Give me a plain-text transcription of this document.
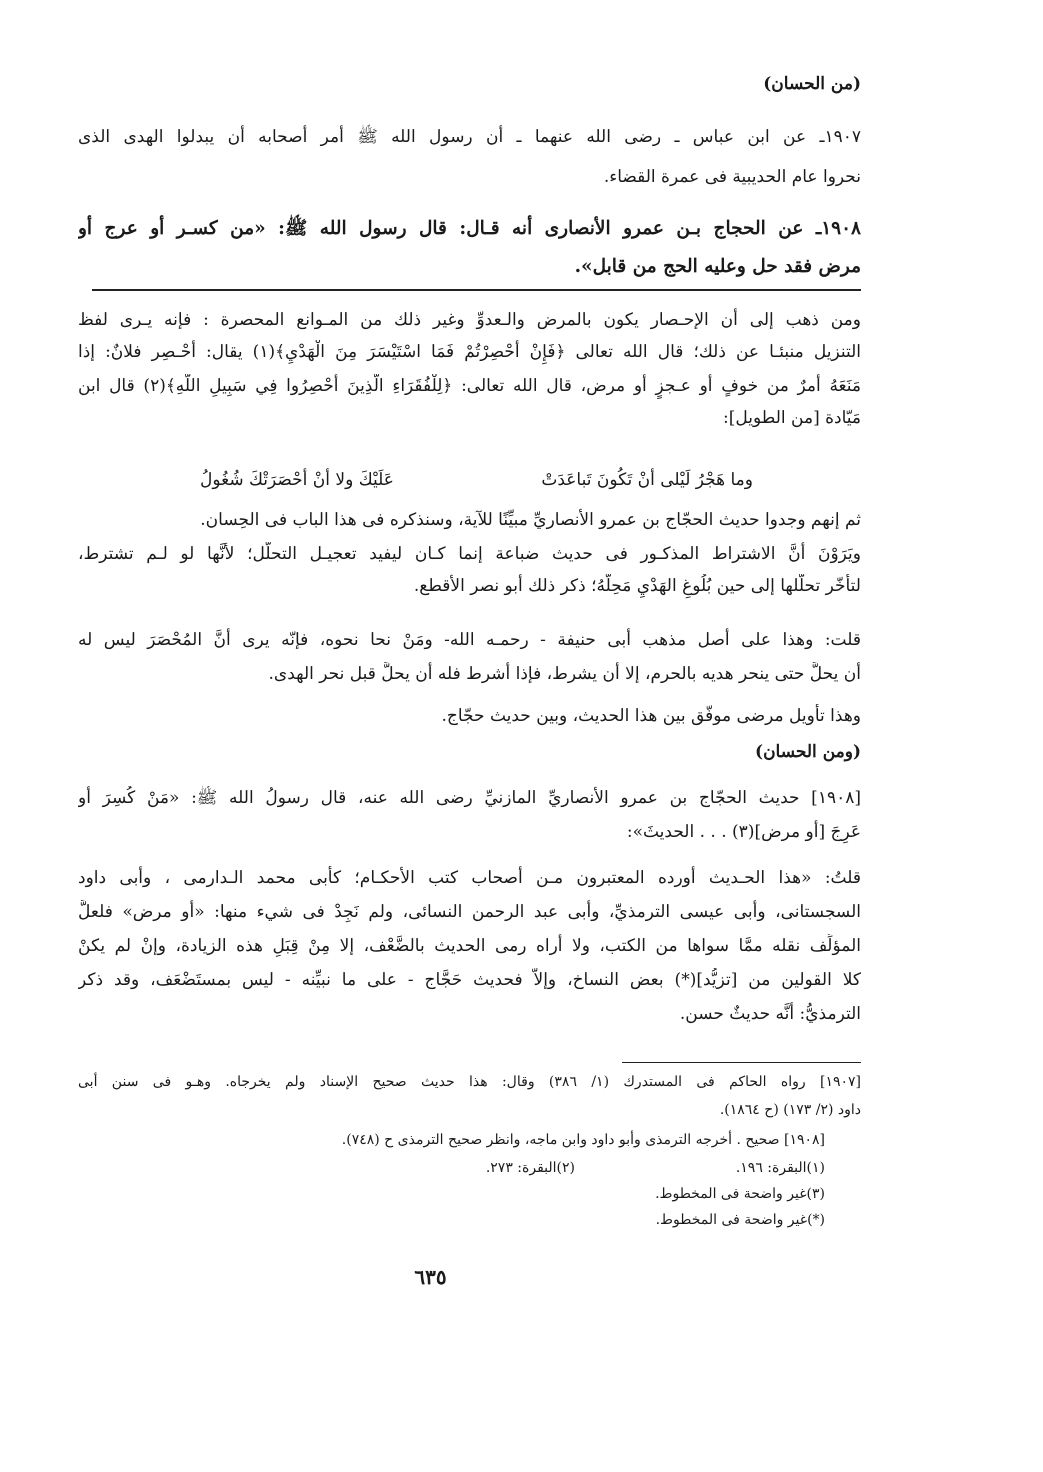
(من الحسان)
١٩٠٧ـ عن ابن عباس ـ رضى الله عنهما ـ أن رسول الله ﷺ أمر أصحابه أن يبدلوا الهدى الذى
نحروا عام الحديبية فى عمرة القضاء.
١٩٠٨ـ عن الحجاج بـن عمرو الأنصارى أنه قـال: قال رسول الله ﷺ: «من كسـر أو عرج أو
مرض فقد حل وعليه الحج من قابل».
ومن ذهب إلى أن الإحـصار يكون بالمرض والـعدوِّ وغير ذلك من المـوانع المحصرة : فإنه يـرى لفظ
التنزيل منبئـا عن ذلك؛ قال الله تعالى ﴿فَإِنْ أُحْصِرْتُمْ فَمَا اسْتَيْسَرَ مِنَ الْهَدْيِ﴾(١) يقال: أُحْـصِر فلانٌ: إذا
مَنَعَهُ أمرٌ من خوفٍ أو عـجزٍ أو مرض، قال الله تعالى: ﴿لِلْفُقَرَاءِ الَّذِينَ أُحْصِرُوا فِي سَبِيلِ اللَّهِ﴾(٢) قال ابن
مَيّادة [من الطويل]:
وما هَجْرُ لَيْلى أنْ تَكُونَ تَباعَدَتْ
عَلَيْكَ ولا أنْ أحْصَرَتْكَ شُغُولُ
ثم إنهم وجدوا حديث الحجّاج بن عمرو الأنصاريِّ مبيِّنًا للآية، وسنذكره فى هذا الباب فى الحِسان.
ويَرَوْنَ أنَّ الاشتراط المذكـور فى حديث ضباعة إنما كـان ليفيد تعجيـل التحلّل؛ لأنَّها لو لـم تشترط،
لتأخّر تحلُّلها إلى حين بُلُوغِ الهَدْيِ مَحِلَّهُ؛ ذكر ذلك أبو نصر الأقطع.
قلت: وهذا على أصل مذهب أبى حنيفة - رحمـه الله- ومَنْ نحا نحوه، فإنّه يرى أنَّ المُحْصَرَ ليس له
أن يحلَّ حتى ينحر هديه بالحرم، إلا أن يشرط، فإذا أشرط فله أن يحلَّ قبل نحر الهدى.
وهذا تأويل مرضى موفّق بين هذا الحديث، وبين حديث حجّاج.
(ومن الحسان)
[١٩٠٨] حديث الحجّاج بن عمرو الأنصاريِّ المازنيِّ رضى الله عنه، قال رسولُ الله ﷺ: «مَنْ كُسِرَ أو
عَرِجَ [أو مرض](٣) . . . الحديثَ»:
قلتُ: «هذا الحـديث أورده المعتبرون مـن أصحاب كتب الأحكـام؛ كأبى محمد الـدارمى ، وأبى داود
السجستانى، وأبى عيسى الترمذيِّ، وأبى عبد الرحمن النسائى، ولم نَجِدْ فى شيء منها: «أو مرض» فلعلَّ
المؤلِّف نقله ممَّا سواها من الكتب، ولا أراه رمى الحديث بالضَّعْف، إلا مِنْ قِبَلِ هذه الزيادة، وإنْ لم يكنْ
كلا القولين من [تزيُّد](*) بعض النساخ، وإلاَّ فحديث حَجَّاج - على ما نبيِّنه - ليس بمستَضْعَف، وقد ذكر
الترمذيُّ: أنَّه حديثٌ حسن.
[١٩٠٧] رواه الحاكم فى المستدرك (١/ ٣٨٦) وقال: هذا حديث صحيح الإسناد ولم يخرجاه. وهـو فى سنن أبى
داود (٢/ ١٧٣) (ح ١٨٦٤).
[١٩٠٨] صحيح . أخرجه الترمذى وأبو داود وابن ماجه، وانظر صحيح الترمذى ح (٧٤٨).
(١)البقرة: ١٩٦.
(٢)البقرة: ٢٧٣.
(٣)غير واضحة فى المخطوط.
(*)غير واضحة فى المخطوط.
٦٣٥
